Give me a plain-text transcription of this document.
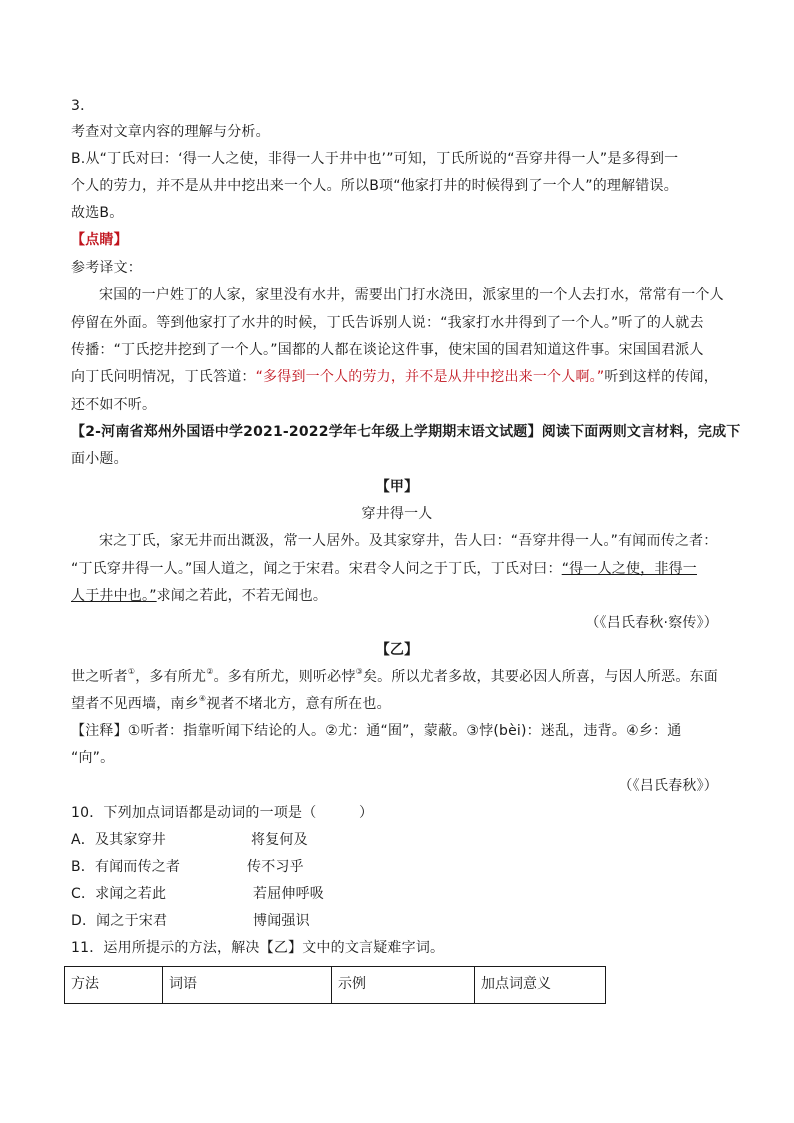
3．
考查对文章内容的理解与分析。
B.从“丁氏对曰：‘得一人之使，非得一人于井中也’”可知，丁氏所说的“吾穿井得一人”是多得到一
个人的劳力，并不是从井中挖出来一个人。所以B项“他家打井的时候得到了一个人”的理解错误。
故选B。
【点睛】
参考译文：
宋国的一户姓丁的人家，家里没有水井，需要出门打水浇田，派家里的一个人去打水，常常有一个人
停留在外面。等到他家打了水井的时候，丁氏告诉别人说：“我家打水井得到了一个人。”听了的人就去
传播：“丁氏挖井挖到了一个人。”国都的人都在谈论这件事，使宋国的国君知道这件事。宋国国君派人
向丁氏问明情况，丁氏答道：“多得到一个人的劳力，并不是从井中挖出来一个人啊。”听到这样的传闻，
还不如不听。
【2-河南省郑州外国语中学2021-2022学年七年级上学期期末语文试题】阅读下面两则文言材料，完成下
面小题。
【甲】
穿井得一人
宋之丁氏，家无井而出溉汲，常一人居外。及其家穿井，告人曰：“吾穿井得一人。”有闻而传之者：
“丁氏穿井得一人。”国人道之，闻之于宋君。宋君令人问之于丁氏，丁氏对曰：“得一人之使，非得一
人于井中也。”求闻之若此，不若无闻也。
（《吕氏春秋·察传》）
【乙】
世之听者①，多有所尤②。多有所尤，则听必悖③矣。所以尤者多故，其要必因人所喜，与因人所恶。东面
望者不见西墙，南乡④视者不堵北方，意有所在也。
【注释】①听者：指靠听闻下结论的人。②尤：通“囿”，蒙蔽。③悖(bèi)：迷乱，违背。④乡：通
“向”。
（《吕氏春秋》）
10．下列加点词语都是动词的一项是（　　　）
A．及其家穿井	将复何及
B．有闻而传之者	传不习乎
C．求闻之若此	若屈伸呼吸
D．闻之于宋君	博闻强识
11．运用所提示的方法，解决【乙】文中的文言疑难字词。
方法	词语	示例	加点词意义
